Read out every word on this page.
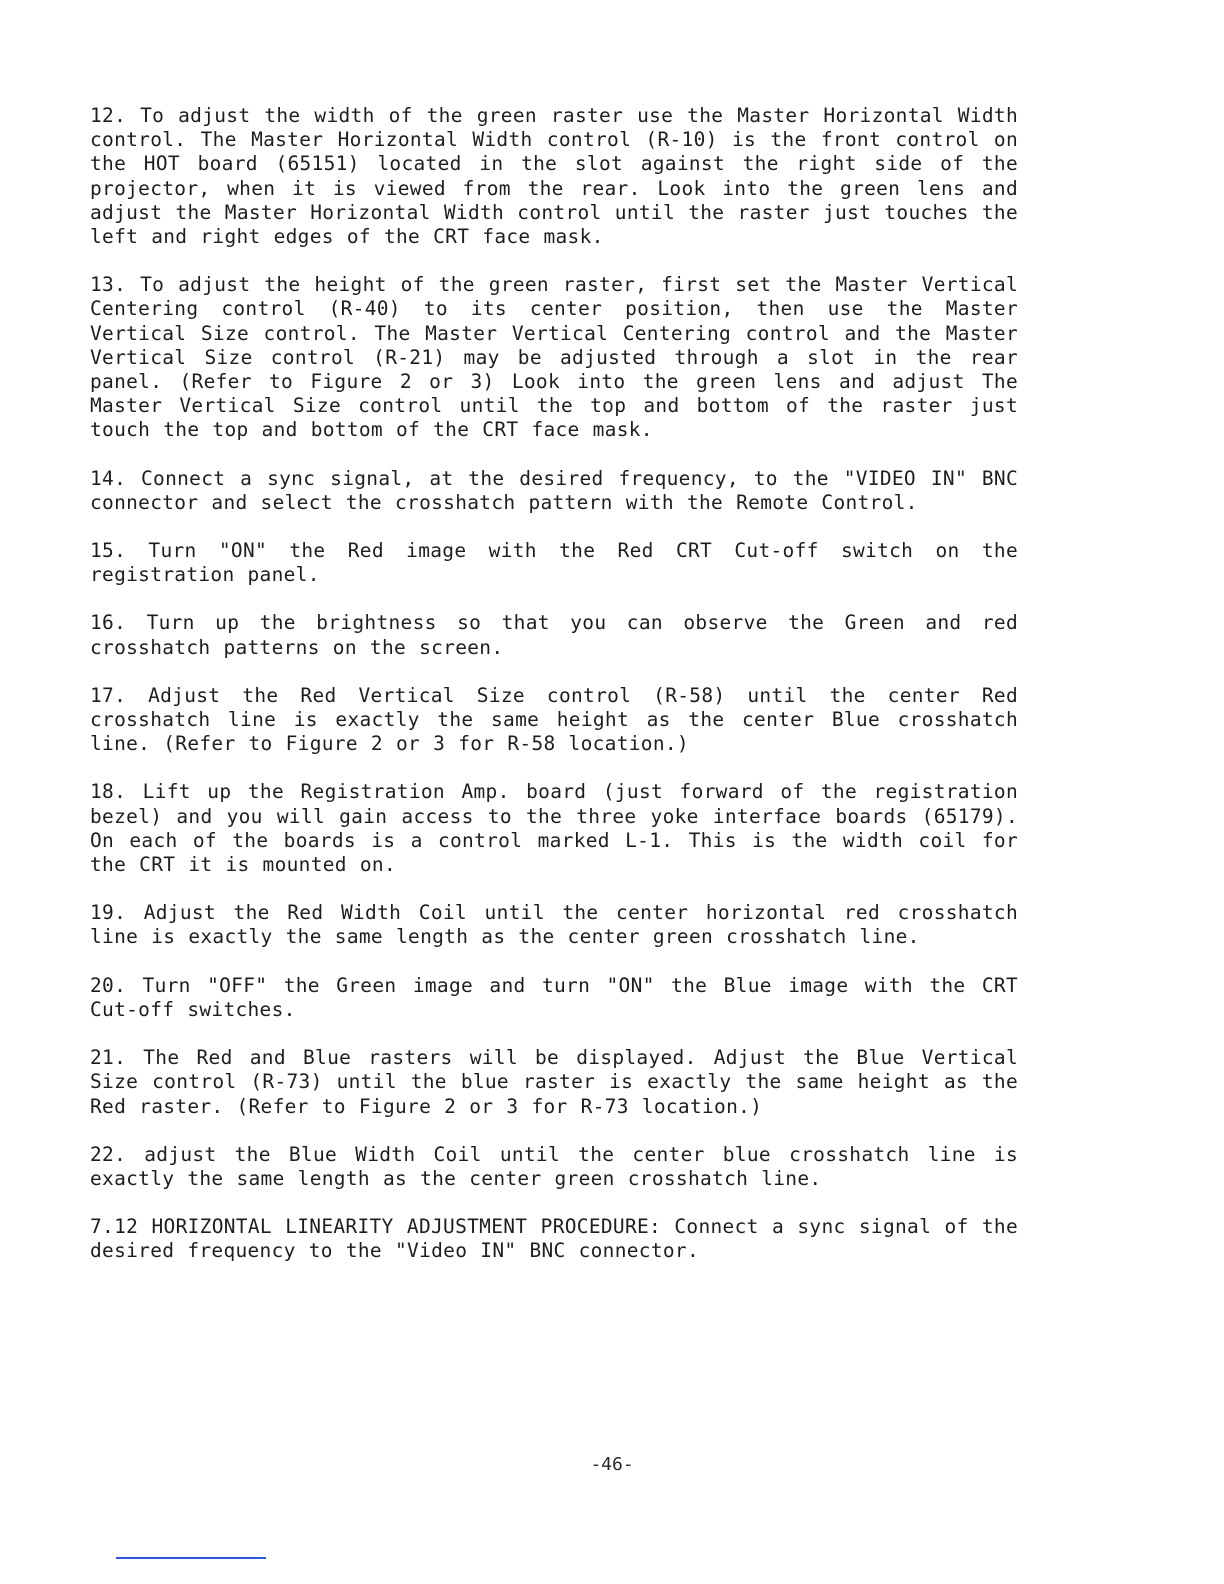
12. To adjust the width of the green raster use the Master Horizontal Width control. The Master Horizontal Width control (R-10) is the front control on the HOT board (65151) located in the slot against the right side of the projector, when it is viewed from the rear. Look into the green lens and adjust the Master Horizontal Width control until the raster just touches the left and right edges of the CRT face mask.

13. To adjust the height of the green raster, first set the Master Vertical Centering control (R-40) to its center position, then use the Master Vertical Size control. The Master Vertical Centering control and the Master Vertical Size control (R-21) may be adjusted through a slot in the rear panel. (Refer to Figure 2 or 3) Look into the green lens and adjust The Master Vertical Size control until the top and bottom of the raster just touch the top and bottom of the CRT face mask.

14. Connect a sync signal, at the desired frequency, to the "VIDEO IN" BNC connector and select the crosshatch pattern with the Remote Control.

15. Turn "ON" the Red image with the Red CRT Cut-off switch on the registration panel.

16. Turn up the brightness so that you can observe the Green and red crosshatch patterns on the screen.

17. Adjust the Red Vertical Size control (R-58) until the center Red crosshatch line is exactly the same height as the center Blue crosshatch line. (Refer to Figure 2 or 3 for R-58 location.)

18. Lift up the Registration Amp. board (just forward of the registration bezel) and you will gain access to the three yoke interface boards (65179). On each of the boards is a control marked L-1. This is the width coil for the CRT it is mounted on.

19. Adjust the Red Width Coil until the center horizontal red crosshatch line is exactly the same length as the center green crosshatch line.

20. Turn "OFF" the Green image and turn "ON" the Blue image with the CRT Cut-off switches.

21. The Red and Blue rasters will be displayed. Adjust the Blue Vertical Size control (R-73) until the blue raster is exactly the same height as the Red raster. (Refer to Figure 2 or 3 for R-73 location.)

22. adjust the Blue Width Coil until the center blue crosshatch line is exactly the same length as the center green crosshatch line.

7.12 HORIZONTAL LINEARITY ADJUSTMENT PROCEDURE: Connect a sync signal of the desired frequency to the "Video IN" BNC connector.

-46-
